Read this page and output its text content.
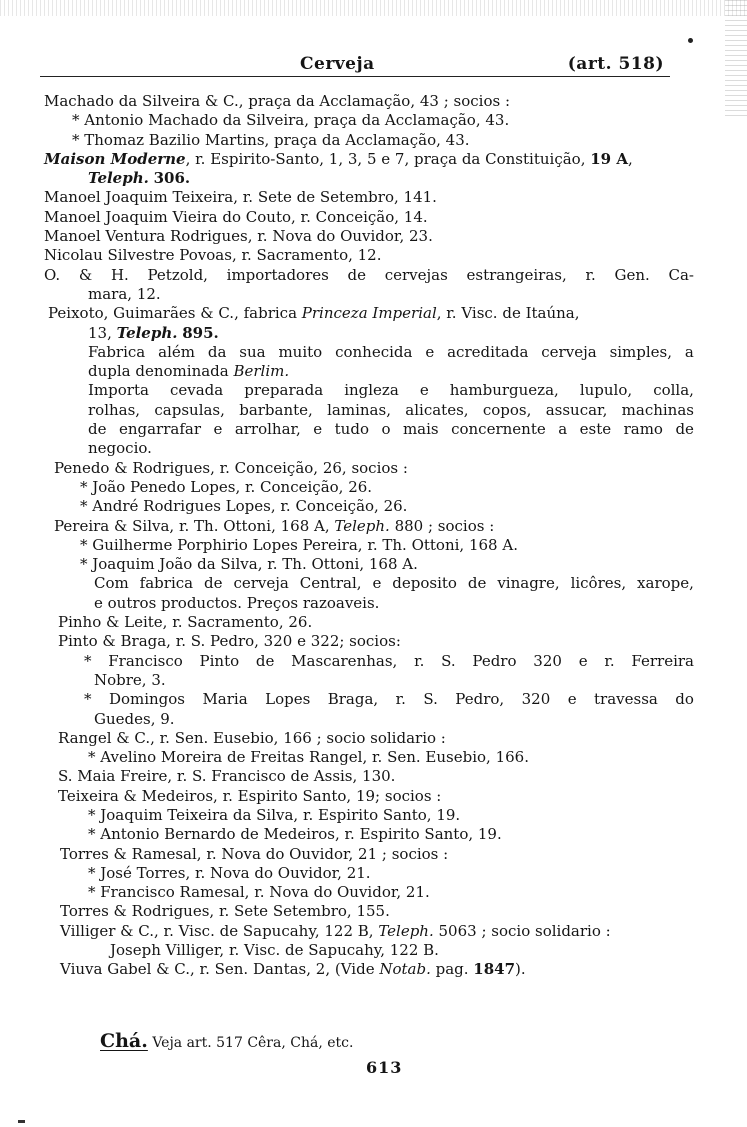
Cerveja	(art. 518)
Machado da Silveira & C., praça da Acclamação, 43 ; socios :
* Antonio Machado da Silveira, praça da Acclamação, 43.
* Thomaz Bazilio Martins, praça da Acclamação, 43.
Maison Moderne, r. Espirito-Santo, 1, 3, 5 e 7, praça da Constituição, 19 A,
Teleph. 306.
Manoel Joaquim Teixeira, r. Sete de Setembro, 141.
Manoel Joaquim Vieira do Couto, r. Conceição, 14.
Manoel Ventura Rodrigues, r. Nova do Ouvidor, 23.
Nicolau Silvestre Povoas, r. Sacramento, 12.
O. & H. Petzold, importadores de cervejas estrangeiras, r. Gen. Ca-
mara, 12.
Peixoto, Guimarães & C., fabrica Princeza Imperial, r. Visc. de Itaúna,
13, Teleph. 895.
Fabrica além da sua muito conhecida e acreditada cerveja simples, a
dupla denominada Berlim.
Importa cevada preparada ingleza e hamburgueza, lupulo, colla,
rolhas, capsulas, barbante, laminas, alicates, copos, assucar, machinas
de engarrafar e arrolhar, e tudo o mais concernente a este ramo de
negocio.
Penedo & Rodrigues, r. Conceição, 26, socios :
* João Penedo Lopes, r. Conceição, 26.
* André Rodrigues Lopes, r. Conceição, 26.
Pereira & Silva, r. Th. Ottoni, 168 A, Teleph. 880 ; socios :
* Guilherme Porphirio Lopes Pereira, r. Th. Ottoni, 168 A.
* Joaquim João da Silva, r. Th. Ottoni, 168 A.
Com fabrica de cerveja Central, e deposito de vinagre, licôres, xarope,
e outros productos. Preços razoaveis.
Pinho & Leite, r. Sacramento, 26.
Pinto & Braga, r. S. Pedro, 320 e 322; socios:
* Francisco Pinto de Mascarenhas, r. S. Pedro 320 e r. Ferreira
Nobre, 3.
* Domingos Maria Lopes Braga, r. S. Pedro, 320 e travessa do
Guedes, 9.
Rangel & C., r. Sen. Eusebio, 166 ; socio solidario :
* Avelino Moreira de Freitas Rangel, r. Sen. Eusebio, 166.
S. Maia Freire, r. S. Francisco de Assis, 130.
Teixeira & Medeiros, r. Espirito Santo, 19; socios :
* Joaquim Teixeira da Silva, r. Espirito Santo, 19.
* Antonio Bernardo de Medeiros, r. Espirito Santo, 19.
Torres & Ramesal, r. Nova do Ouvidor, 21 ; socios :
* José Torres, r. Nova do Ouvidor, 21.
* Francisco Ramesal, r. Nova do Ouvidor, 21.
Torres & Rodrigues, r. Sete Setembro, 155.
Villiger & C., r. Visc. de Sapucahy, 122 B, Teleph. 5063 ; socio solidario :
Joseph Villiger, r. Visc. de Sapucahy, 122 B.
Viuva Gabel & C., r. Sen. Dantas, 2, (Vide Notab. pag. 1847).
Chá. Veja art. 517 Cêra, Chá, etc.
613
